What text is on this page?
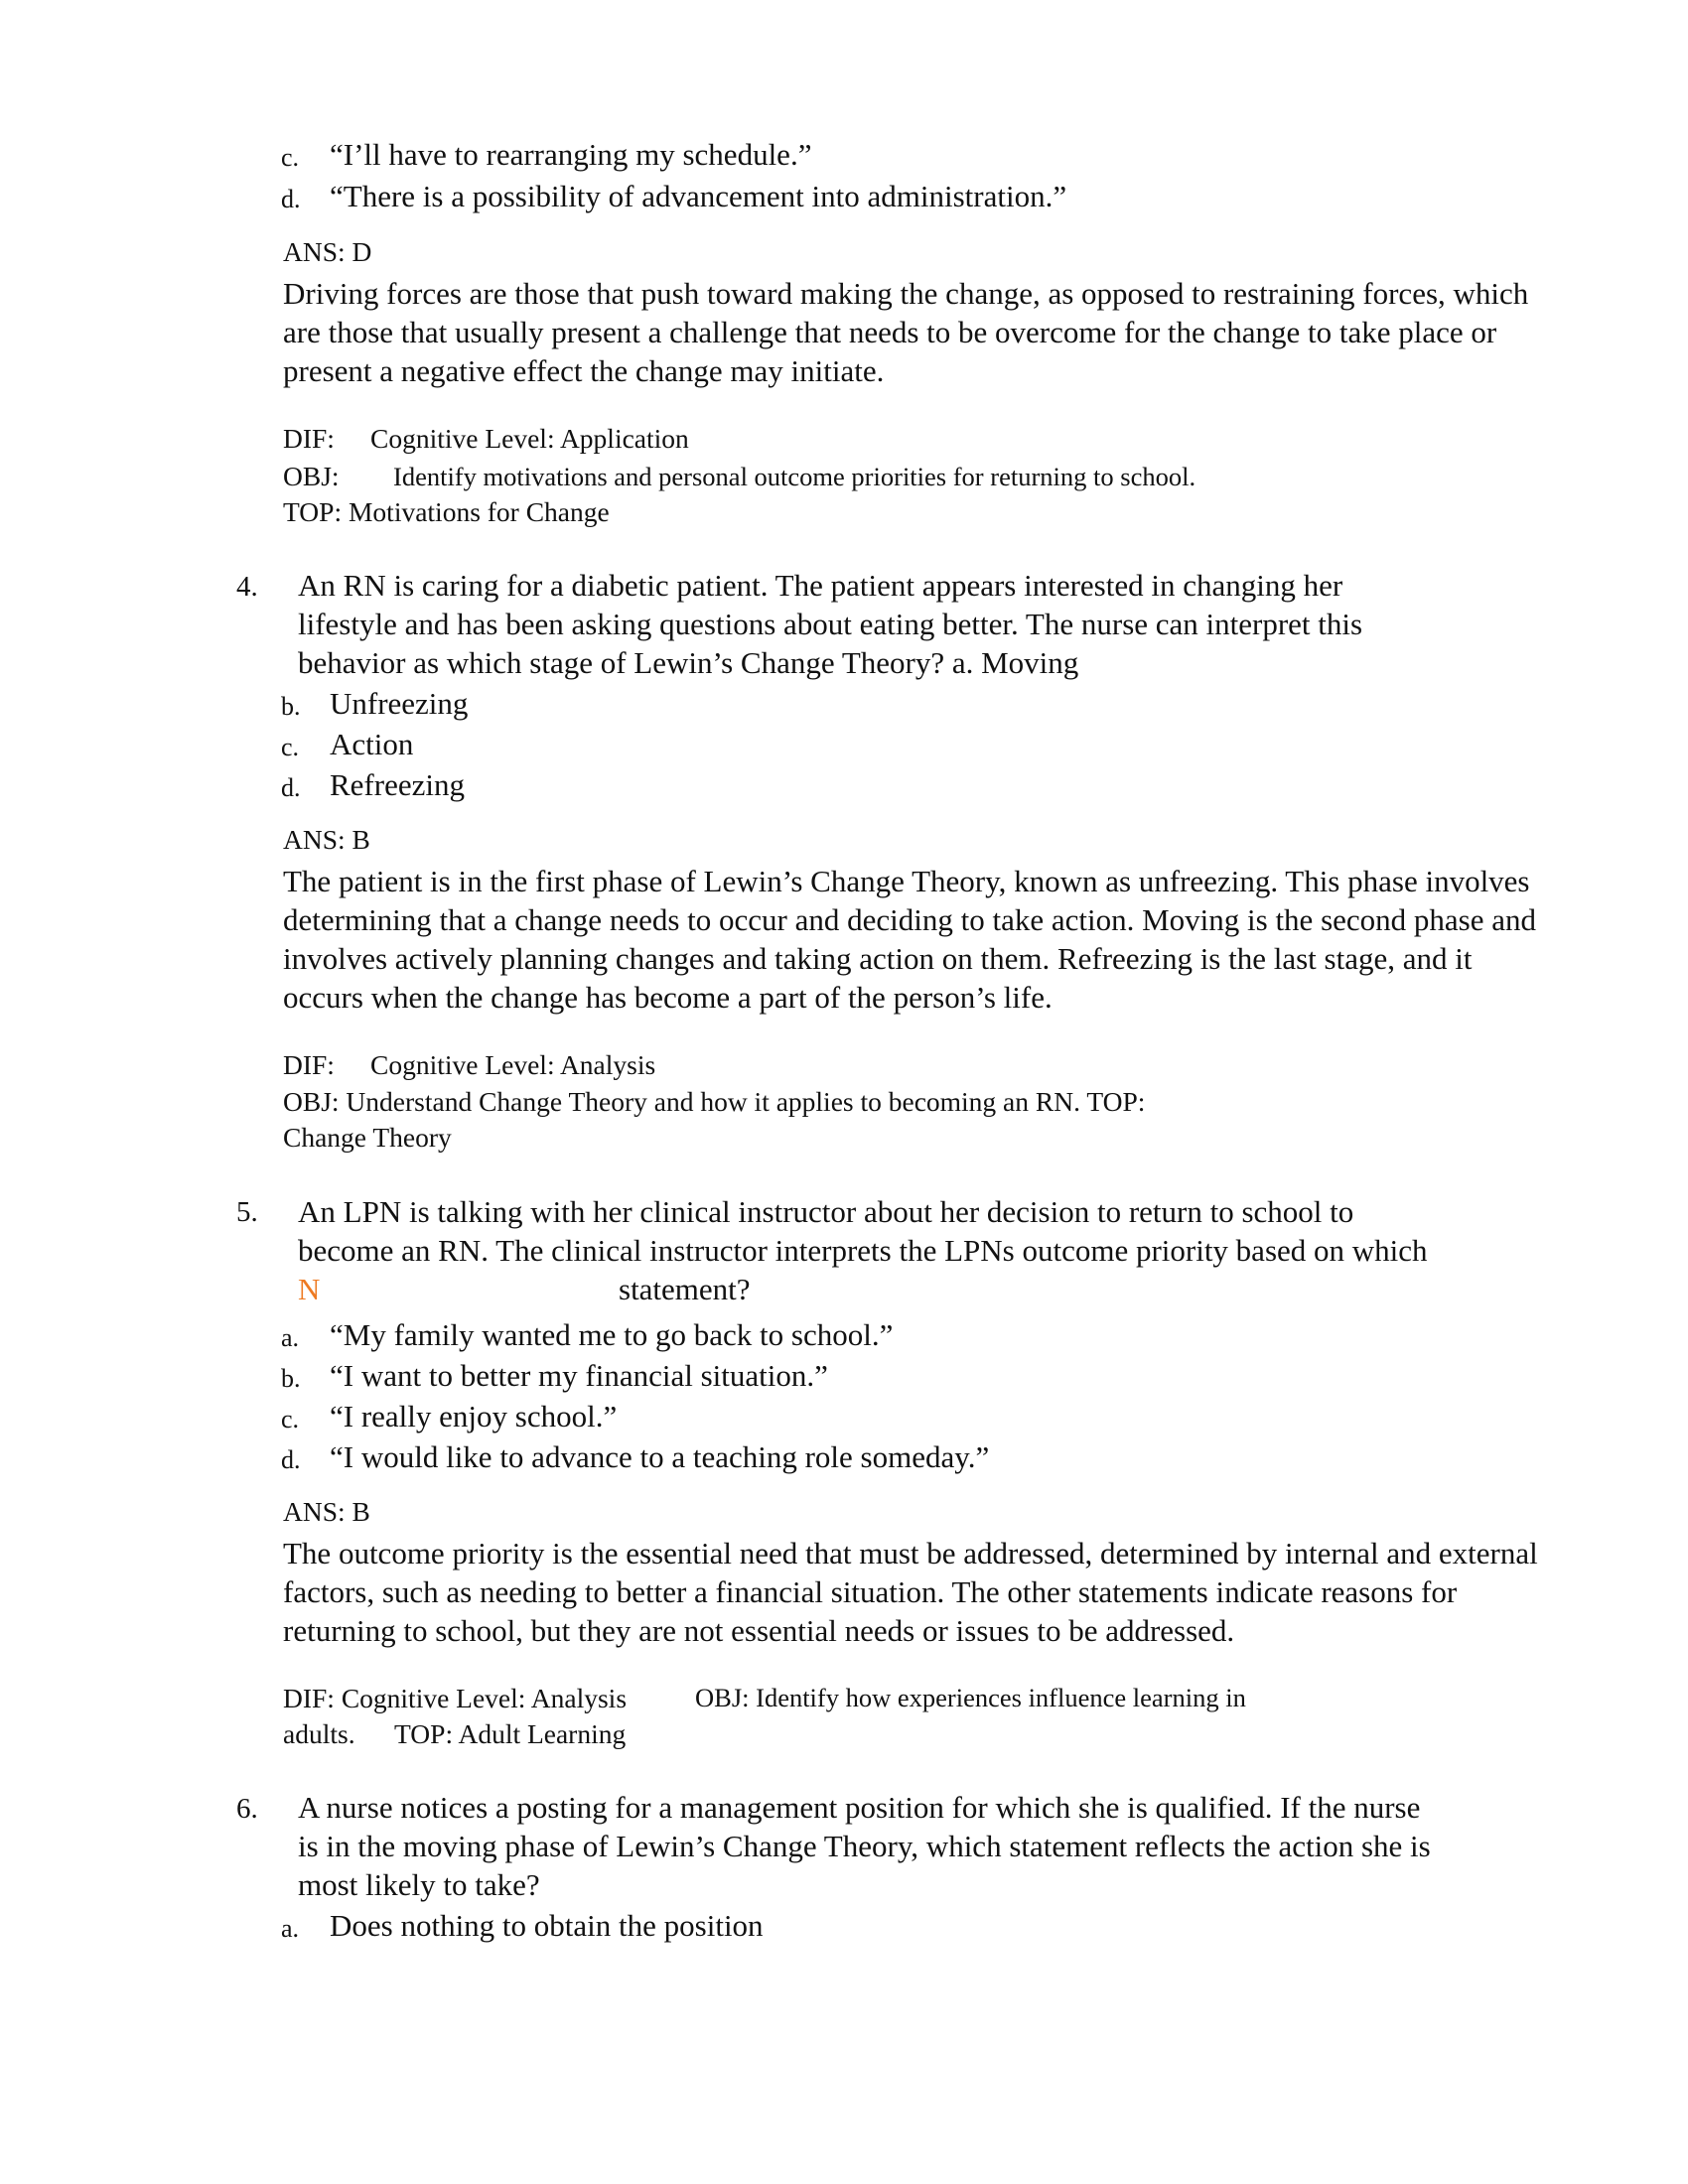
c. “I’ll have to rearranging my schedule.”
d. “There is a possibility of advancement into administration.”
ANS: D
Driving forces are those that push toward making the change, as opposed to restraining forces, which are those that usually present a challenge that needs to be overcome for the change to take place or present a negative effect the change may initiate.
DIF: Cognitive Level: Application
OBJ: Identify motivations and personal outcome priorities for returning to school.
TOP: Motivations for Change
4. An RN is caring for a diabetic patient. The patient appears interested in changing her
lifestyle and has been asking questions about eating better. The nurse can interpret this
behavior as which stage of Lewin’s Change Theory? a. Moving
b. Unfreezing
c. Action
d. Refreezing
ANS: B
The patient is in the first phase of Lewin’s Change Theory, known as unfreezing. This phase involves determining that a change needs to occur and deciding to take action. Moving is the second phase and involves actively planning changes and taking action on them. Refreezing is the last stage, and it occurs when the change has become a part of the person’s life.
DIF: Cognitive Level: Analysis
OBJ: Understand Change Theory and how it applies to becoming an RN. TOP:
Change Theory
5. An LPN is talking with her clinical instructor about her decision to return to school to
become an RN. The clinical instructor interprets the LPNs outcome priority based on which
N	statement?
a. “My family wanted me to go back to school.”
b. “I want to better my financial situation.”
c. “I really enjoy school.”
d. “I would like to advance to a teaching role someday.”
ANS: B
The outcome priority is the essential need that must be addressed, determined by internal and external factors, such as needing to better a financial situation. The other statements indicate reasons for returning to school, but they are not essential needs or issues to be addressed.
DIF: Cognitive Level: Analysis	OBJ: Identify how experiences influence learning in
adults. TOP: Adult Learning
6. A nurse notices a posting for a management position for which she is qualified. If the nurse
is in the moving phase of Lewin’s Change Theory, which statement reflects the action she is
most likely to take?
a. Does nothing to obtain the position
